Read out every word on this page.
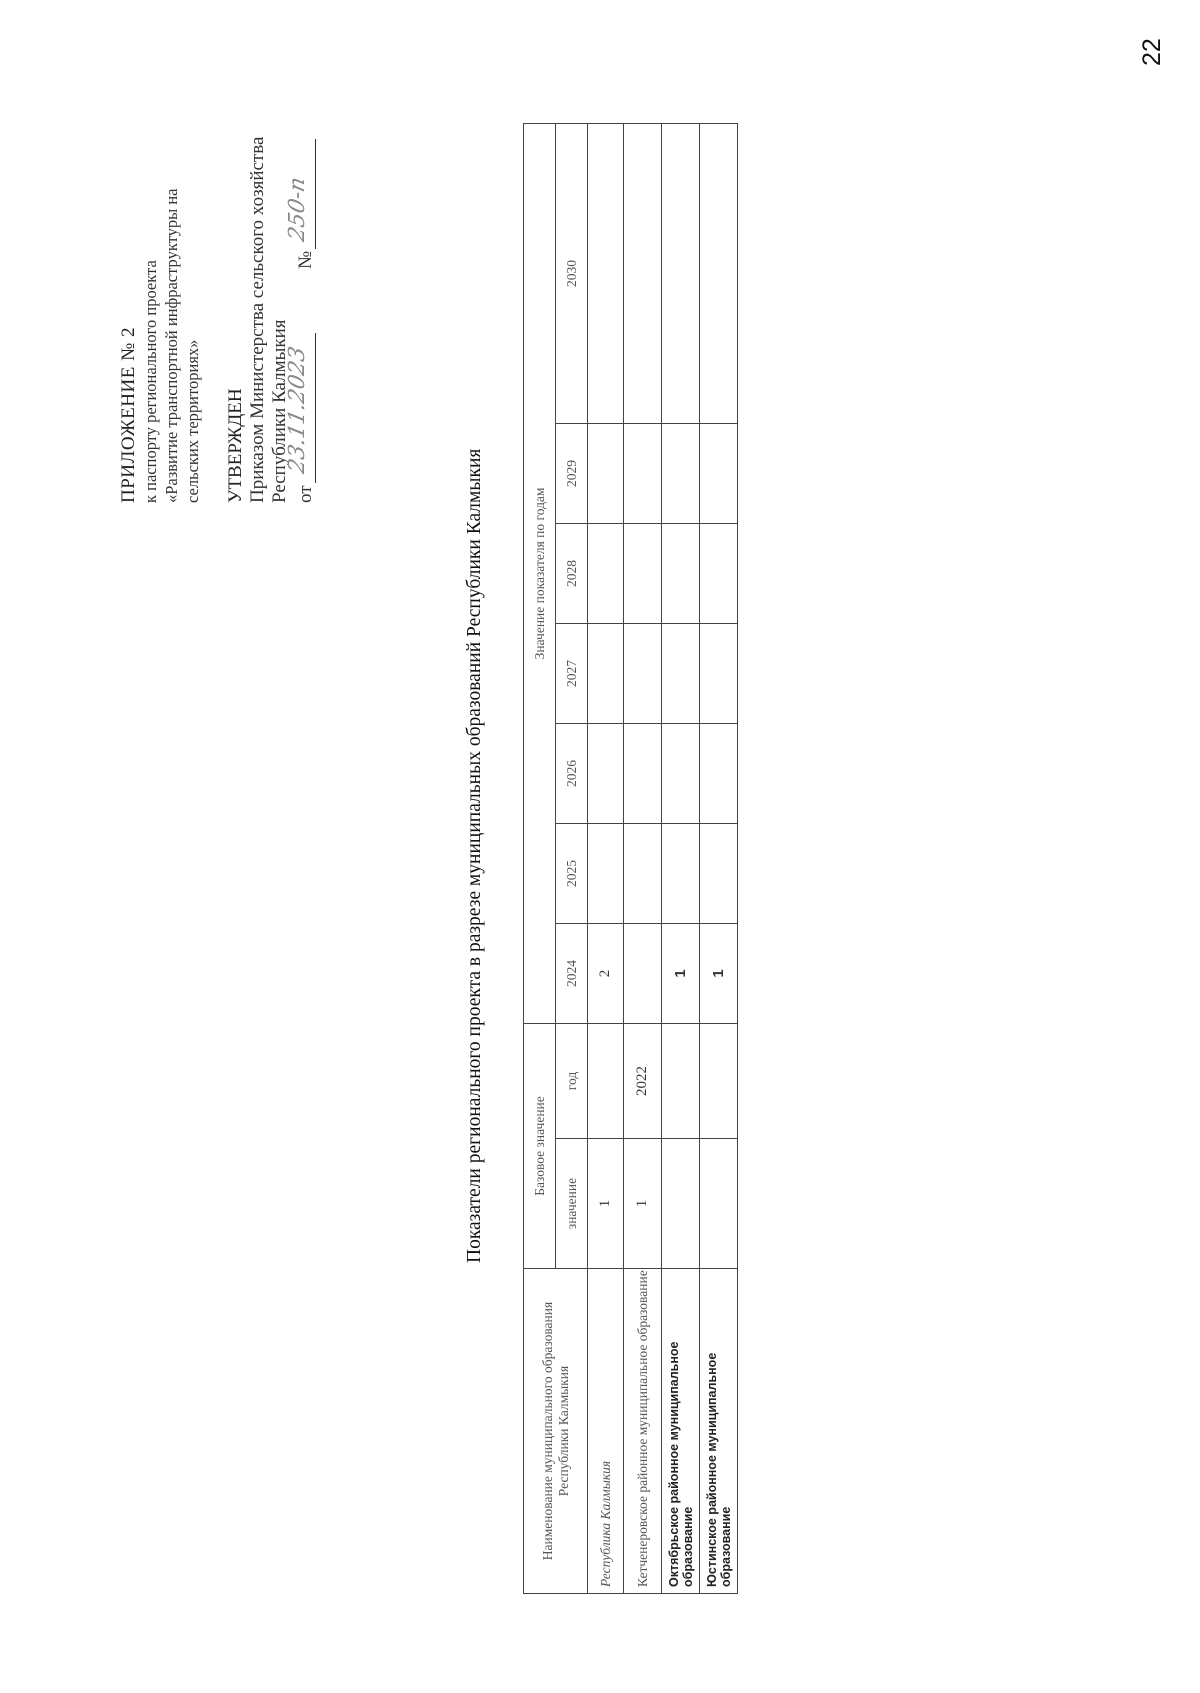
22
ПРИЛОЖЕНИЕ № 2 к паспорту регионального проекта «Развитие транспортной инфраструктуры на сельских территориях» УТВЕРЖДЕН Приказом Министерства сельского хозяйства Республики Калмыкия от
23.11.2023
№
250-п
Показатели регионального проекта в разрезе муниципальных образований Республики Калмыкия
Наименование муниципального образования Республики Калмыкия	Базовое значение		Значение показателя по годам						
	значение	год	2024	2025	2026	2027	2028	2029	2030
Республика Калмыкия	1		2						
Кетченеровское районное муниципальное образование	1	2022							
Октябрьское районное муниципальное образование			1						
Юстинское районное муниципальное образование			1						
